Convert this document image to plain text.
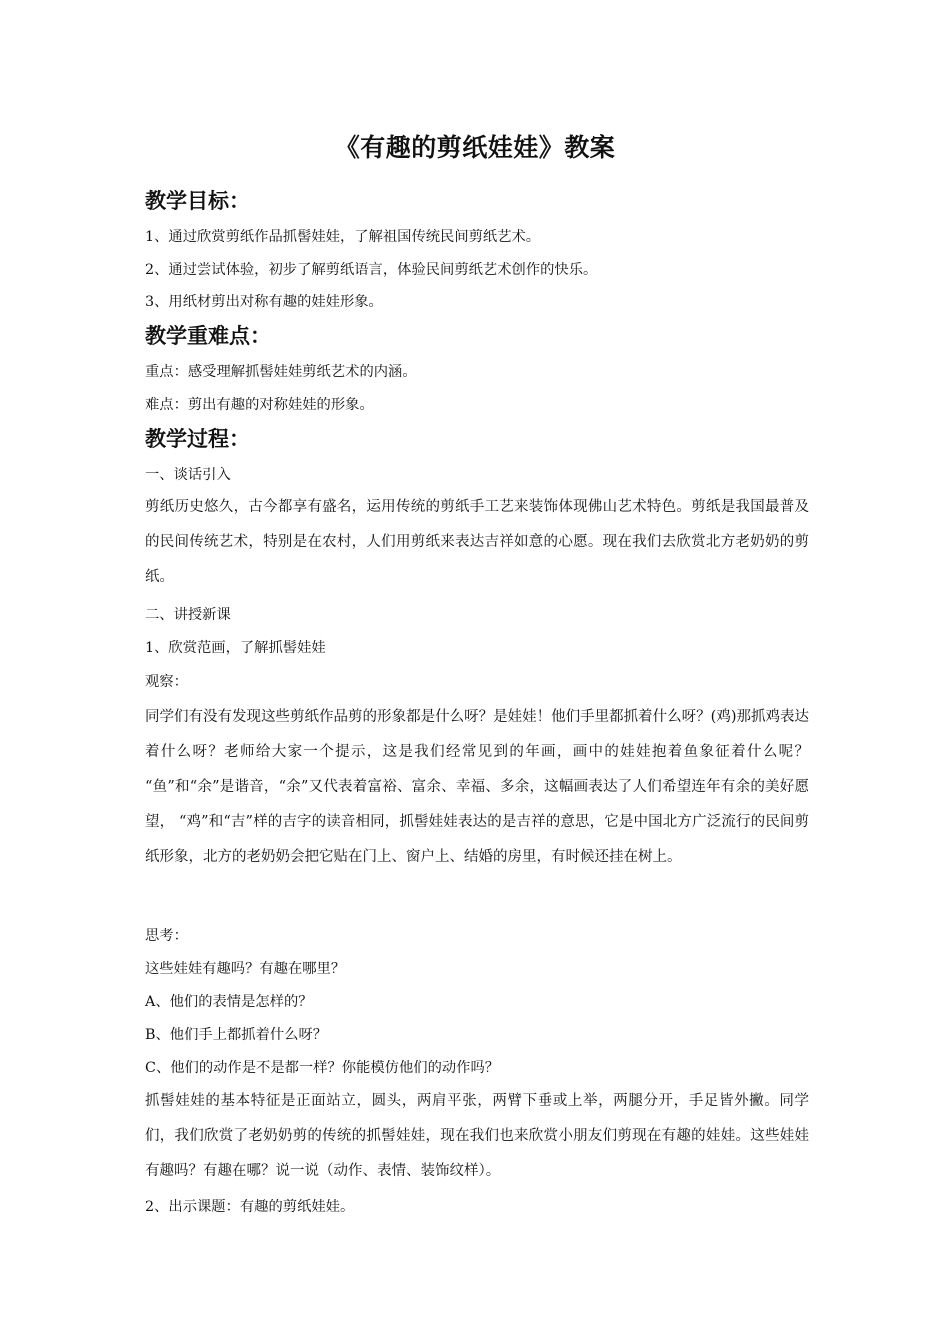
《有趣的剪纸娃娃》教案
教学目标：
1、通过欣赏剪纸作品抓髻娃娃，了解祖国传统民间剪纸艺术。
2、通过尝试体验，初步了解剪纸语言，体验民间剪纸艺术创作的快乐。
3、用纸材剪出对称有趣的娃娃形象。
教学重难点：
重点：感受理解抓髻娃娃剪纸艺术的内涵。
难点：剪出有趣的对称娃娃的形象。
教学过程：
一、谈话引入

剪纸历史悠久，古今都享有盛名，运用传统的剪纸手工艺来装饰体现佛山艺术特色。剪纸是我国最普及的民间传统艺术，特别是在农村，人们用剪纸来表达吉祥如意的心愿。现在我们去欣赏北方老奶奶的剪纸。

二、讲授新课
1、欣赏范画，了解抓髻娃娃
观察：

同学们有没有发现这些剪纸作品剪的形象都是什么呀？是娃娃！他们手里都抓着什么呀？(鸡)那抓鸡表达着什么呀？老师给大家一个提示，这是我们经常见到的年画，画中的娃娃抱着鱼象征着什么呢？ “鱼”和“余”是谐音，“余”又代表着富裕、富余、幸福、多余，这幅画表达了人们希望连年有余的美好愿望， “鸡”和“吉”样的吉字的读音相同，抓髻娃娃表达的是吉祥的意思，它是中国北方广泛流行的民间剪纸形象，北方的老奶奶会把它贴在门上、窗户上、结婚的房里，有时候还挂在树上。

思考：
这些娃娃有趣吗？有趣在哪里？
A、他们的表情是怎样的？
B、他们手上都抓着什么呀？
C、他们的动作是不是都一样？你能模仿他们的动作吗？

抓髻娃娃的基本特征是正面站立，圆头，两肩平张，两臂下垂或上举，两腿分开，手足皆外撇。同学们，我们欣赏了老奶奶剪的传统的抓髻娃娃，现在我们也来欣赏小朋友们剪现在有趣的娃娃。这些娃娃有趣吗？有趣在哪？说一说（动作、表情、装饰纹样）。

2、出示课题：有趣的剪纸娃娃。
